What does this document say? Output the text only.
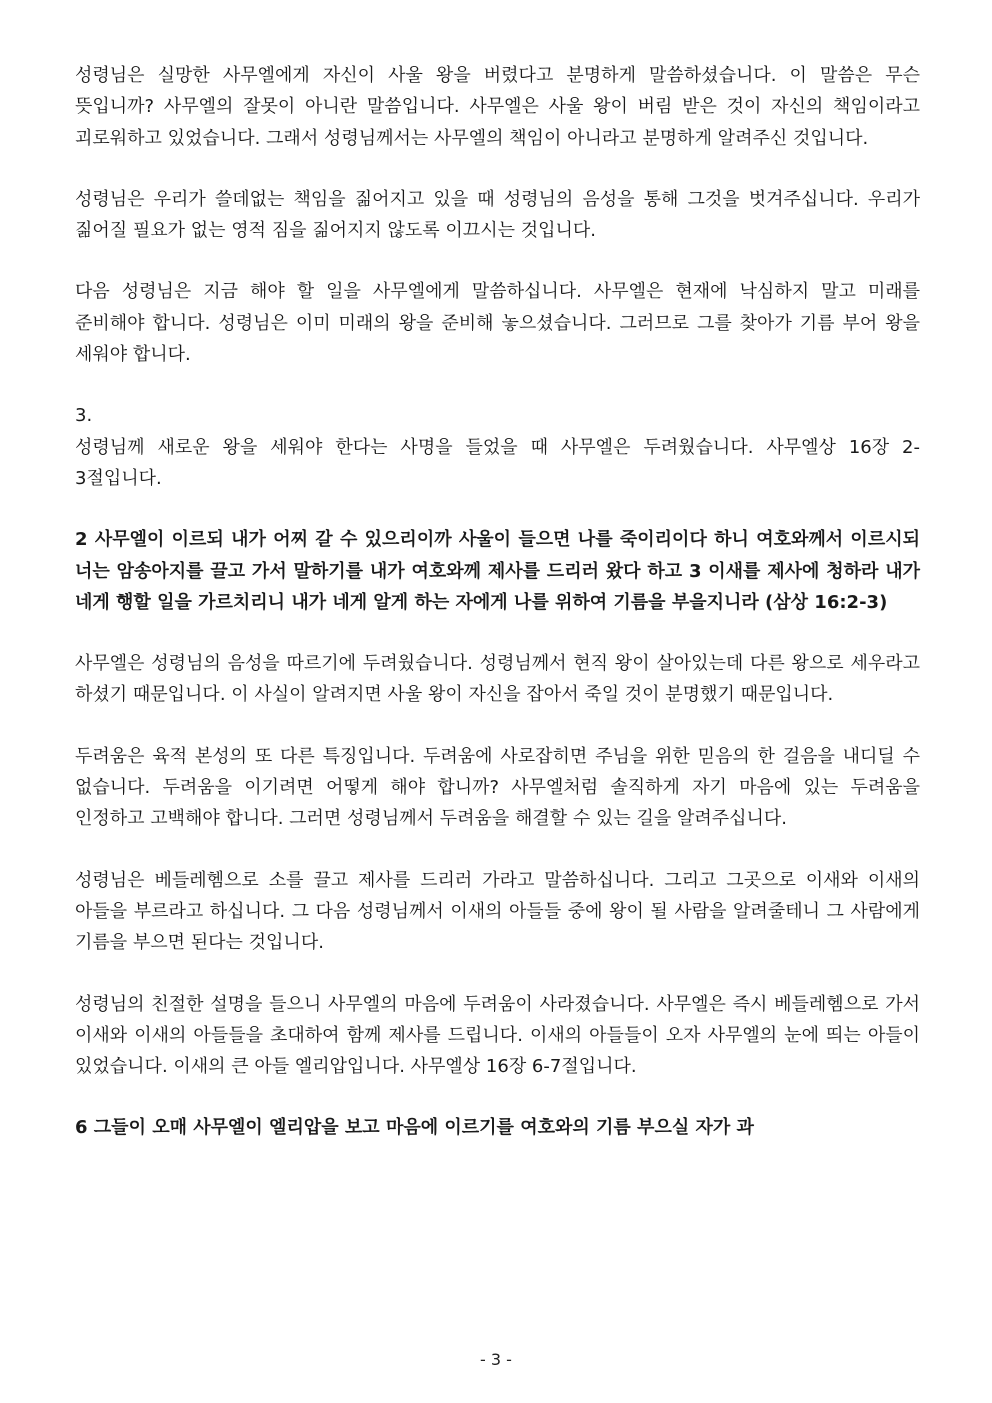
성령님은 실망한 사무엘에게 자신이 사울 왕을 버렸다고 분명하게 말씀하셨습니다. 이 말씀은 무슨 뜻입니까? 사무엘의 잘못이 아니란 말씀입니다. 사무엘은 사울 왕이 버림 받은 것이 자신의 책임이라고 괴로워하고 있었습니다. 그래서 성령님께서는 사무엘의 책임이 아니라고 분명하게 알려주신 것입니다.

성령님은 우리가 쓸데없는 책임을 짊어지고 있을 때 성령님의 음성을 통해 그것을 벗겨주십니다. 우리가 짊어질 필요가 없는 영적 짐을 짊어지지 않도록 이끄시는 것입니다.

다음 성령님은 지금 해야 할 일을 사무엘에게 말씀하십니다. 사무엘은 현재에 낙심하지 말고 미래를 준비해야 합니다. 성령님은 이미 미래의 왕을 준비해 놓으셨습니다. 그러므로 그를 찾아가 기름 부어 왕을 세워야 합니다.

3.

성령님께 새로운 왕을 세워야 한다는 사명을 들었을 때 사무엘은 두려웠습니다. 사무엘상 16장 2-3절입니다.

2 사무엘이 이르되 내가 어찌 갈 수 있으리이까 사울이 들으면 나를 죽이리이다 하니 여호와께서 이르시되 너는 암송아지를 끌고 가서 말하기를 내가 여호와께 제사를 드리러 왔다 하고 3 이새를 제사에 청하라 내가 네게 행할 일을 가르치리니 내가 네게 알게 하는 자에게 나를 위하여 기름을 부을지니라 (삼상 16:2-3)

사무엘은 성령님의 음성을 따르기에 두려웠습니다. 성령님께서 현직 왕이 살아있는데 다른 왕으로 세우라고 하셨기 때문입니다. 이 사실이 알려지면 사울 왕이 자신을 잡아서 죽일 것이 분명했기 때문입니다.

두려움은 육적 본성의 또 다른 특징입니다. 두려움에 사로잡히면 주님을 위한 믿음의 한 걸음을 내디딜 수 없습니다. 두려움을 이기려면 어떻게 해야 합니까? 사무엘처럼 솔직하게 자기 마음에 있는 두려움을 인정하고 고백해야 합니다. 그러면 성령님께서 두려움을 해결할 수 있는 길을 알려주십니다.

성령님은 베들레헴으로 소를 끌고 제사를 드리러 가라고 말씀하십니다. 그리고 그곳으로 이새와 이새의 아들을 부르라고 하십니다. 그 다음 성령님께서 이새의 아들들 중에 왕이 될 사람을 알려줄테니 그 사람에게 기름을 부으면 된다는 것입니다.

성령님의 친절한 설명을 들으니 사무엘의 마음에 두려움이 사라졌습니다. 사무엘은 즉시 베들레헴으로 가서 이새와 이새의 아들들을 초대하여 함께 제사를 드립니다. 이새의 아들들이 오자 사무엘의 눈에 띄는 아들이 있었습니다. 이새의 큰 아들 엘리압입니다. 사무엘상 16장 6-7절입니다.

6 그들이 오매 사무엘이 엘리압을 보고 마음에 이르기를 여호와의 기름 부으실 자가 과

- 3 -
